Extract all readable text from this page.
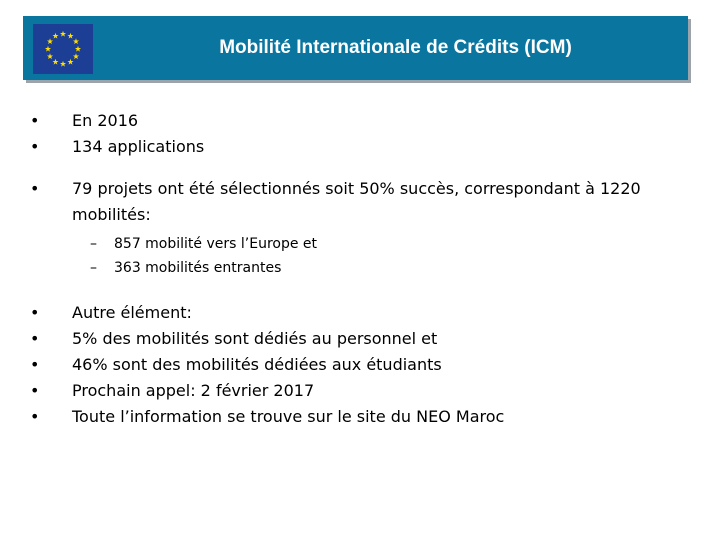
Mobilité Internationale de Crédits (ICM)
• En 2016
• 134 applications
• 79 projets ont été sélectionnés soit 50% succès, correspondant à 1220 mobilités:
– 857 mobilité vers l’Europe et
– 363 mobilités entrantes
• Autre élément:
• 5% des mobilités sont dédiés au personnel et
• 46% sont des mobilités dédiées aux étudiants
• Prochain appel: 2 février 2017
• Toute l’information se trouve sur le site du NEO Maroc
